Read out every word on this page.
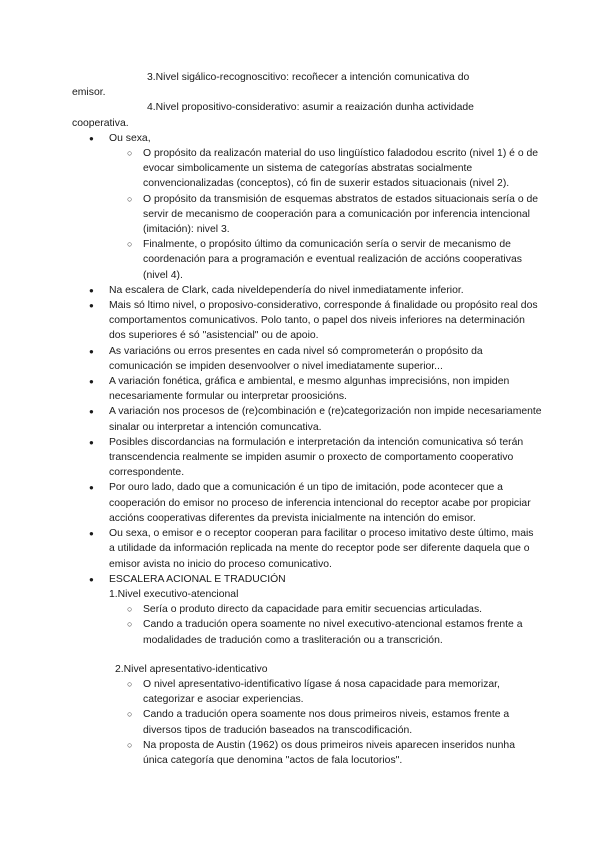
3.Nivel sigálico-recognoscitivo: recoñecer a intención comunicativa do
emisor.

4.Nivel propositivo-considerativo: asumir a reaización dunha actividade
cooperativa.

● Ou sexa,
○ O propósito da realizacón material do uso lingüístico faladodou escrito (nivel 1) é o de evocar simbolicamente un sistema de categorías abstratas socialmente convencionalizadas (conceptos), có fin de suxerir estados situacionais (nivel 2).
○ O propósito da transmisión de esquemas abstratos de estados situacionais sería o de servir de mecanismo de cooperación para a comunicación por inferencia intencional (imitación): nivel 3.
○ Finalmente, o propósito último da comunicación sería o servir de mecanismo de coordenación para a programación e eventual realización de accións cooperativas (nivel 4).
● Na escalera de Clark, cada niveldependería do nivel inmediatamente inferior.
● Mais só ltimo nivel, o proposivo-considerativo, corresponde á finalidade ou propósito real dos comportamentos comunicativos. Polo tanto, o papel dos niveis inferiores na determinación dos superiores é só "asistencial" ou de apoio.
● As variacións ou erros presentes en cada nivel só comprometerán o propósito da comunicación se impiden desenvoolver o nivel imediatamente superior...
● A variación fonética, gráfica e ambiental, e mesmo algunhas imprecisións, non impiden necesariamente formular ou interpretar proosicións.
● A variación nos procesos de (re)combinación e (re)categorización non impide necesariamente sinalar ou interpretar a intención comuncativa.
● Posibles discordancias na formulación e interpretación da intención comunicativa só terán transcendencia realmente se impiden asumir o proxecto de comportamento cooperativo correspondente.
● Por ouro lado, dado que a comunicación é un tipo de imitación, pode acontecer que a cooperación do emisor no proceso de inferencia intencional do receptor acabe por propiciar accións cooperativas diferentes da prevista inicialmente na intención do emisor.
● Ou sexa, o emisor e o receptor cooperan para facilitar o proceso imitativo deste último, mais a utilidade da información replicada na mente do receptor pode ser diferente daquela que o emisor avista no inicio do proceso comunicativo.
● ESCALERA ACIONAL E TRADUCIÓN

1.Nivel executivo-atencional

○ Sería o produto directo da capacidade para emitir secuencias articuladas.
○ Cando a tradución opera soamente no nivel executivo-atencional estamos frente a modalidades de tradución como a trasliteración ou a transcrición.

2.Nivel apresentativo-identicativo

○ O nivel apresentativo-identificativo lígase á nosa capacidade para memorizar, categorizar e asociar experiencias.
○ Cando a tradución opera soamente nos dous primeiros niveis, estamos frente a diversos tipos de tradución baseados na transcodificación.
○ Na proposta de Austin (1962) os dous primeiros niveis aparecen inseridos nunha única categoría que denomina "actos de fala locutorios".
